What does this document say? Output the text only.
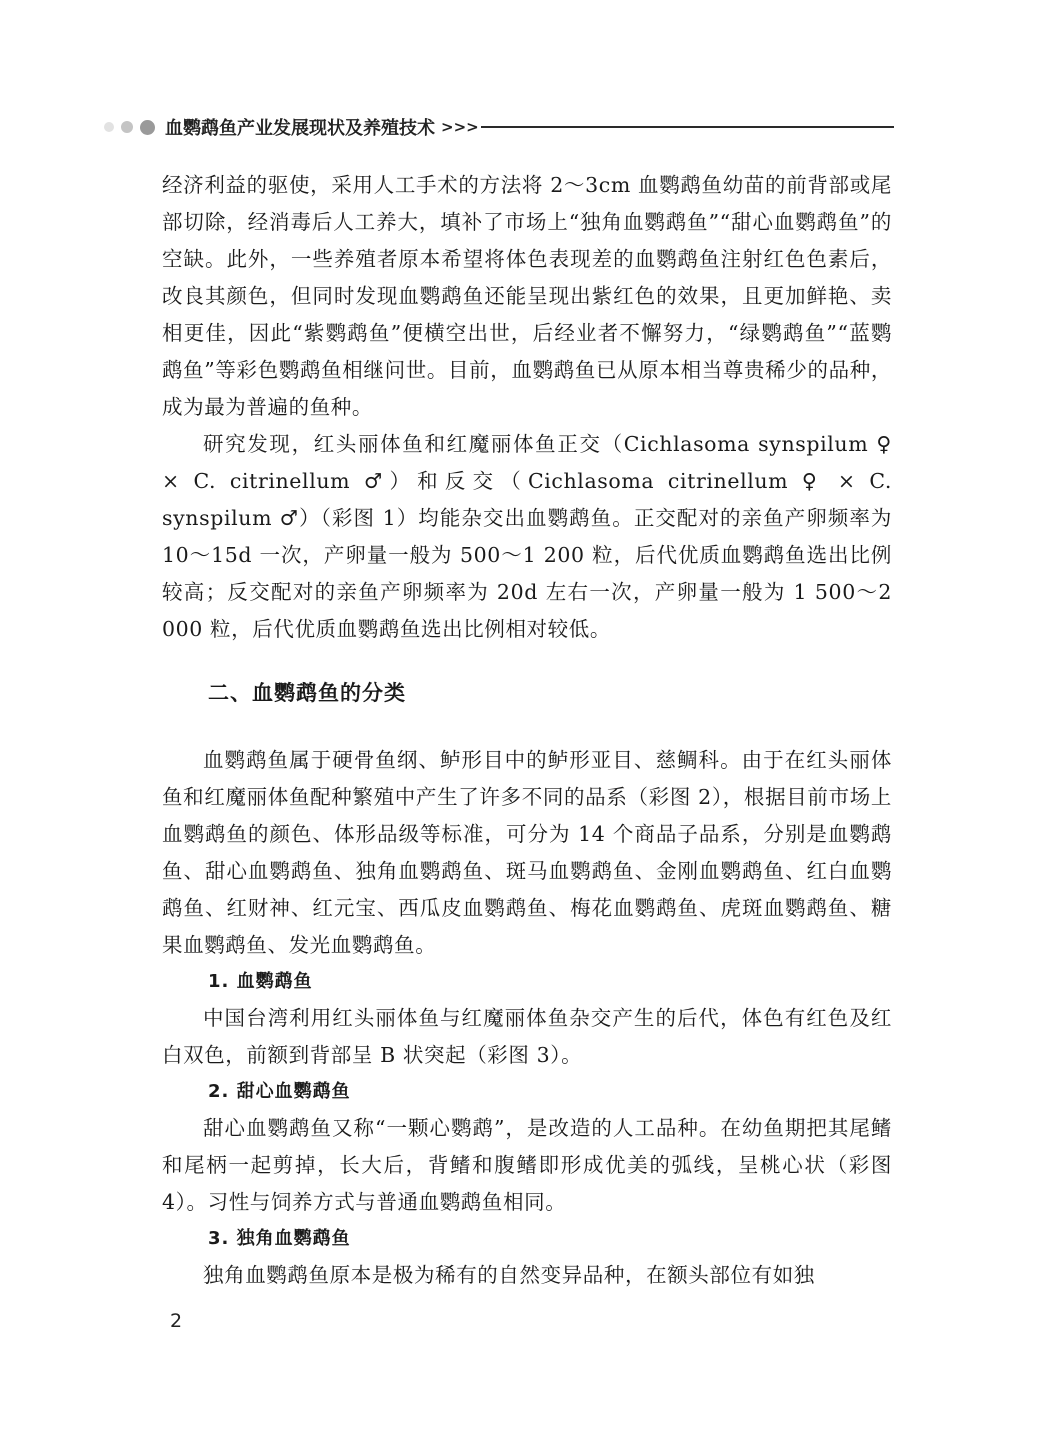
血鹦鹉鱼产业发展现状及养殖技术 >>>

经济利益的驱使，采用人工手术的方法将 2～3cm 血鹦鹉鱼幼苗的前背部或尾部切除，经消毒后人工养大，填补了市场上“独角血鹦鹉鱼”“甜心血鹦鹉鱼”的空缺。此外，一些养殖者原本希望将体色表现差的血鹦鹉鱼注射红色色素后，改良其颜色，但同时发现血鹦鹉鱼还能呈现出紫红色的效果，且更加鲜艳、卖相更佳，因此“紫鹦鹉鱼”便横空出世，后经业者不懈努力，“绿鹦鹉鱼”“蓝鹦鹉鱼”等彩色鹦鹉鱼相继问世。目前，血鹦鹉鱼已从原本相当尊贵稀少的品种，成为最为普遍的鱼种。

研究发现，红头丽体鱼和红魔丽体鱼正交（Cichlasoma synspilum ♀ × C. citrinellum ♂）和反交（Cichlasoma citrinellum ♀ × C. synspilum ♂）（彩图 1）均能杂交出血鹦鹉鱼。正交配对的亲鱼产卵频率为 10～15d 一次，产卵量一般为 500～1 200 粒，后代优质血鹦鹉鱼选出比例较高；反交配对的亲鱼产卵频率为 20d 左右一次，产卵量一般为 1 500～2 000 粒，后代优质血鹦鹉鱼选出比例相对较低。

二、血鹦鹉鱼的分类

血鹦鹉鱼属于硬骨鱼纲、鲈形目中的鲈形亚目、慈鲷科。由于在红头丽体鱼和红魔丽体鱼配种繁殖中产生了许多不同的品系（彩图 2），根据目前市场上血鹦鹉鱼的颜色、体形品级等标准，可分为 14 个商品子品系，分别是血鹦鹉鱼、甜心血鹦鹉鱼、独角血鹦鹉鱼、斑马血鹦鹉鱼、金刚血鹦鹉鱼、红白血鹦鹉鱼、红财神、红元宝、西瓜皮血鹦鹉鱼、梅花血鹦鹉鱼、虎斑血鹦鹉鱼、糖果血鹦鹉鱼、发光血鹦鹉鱼。

1. 血鹦鹉鱼

中国台湾利用红头丽体鱼与红魔丽体鱼杂交产生的后代，体色有红色及红白双色，前额到背部呈 B 状突起（彩图 3）。

2. 甜心血鹦鹉鱼

甜心血鹦鹉鱼又称“一颗心鹦鹉”，是改造的人工品种。在幼鱼期把其尾鳍和尾柄一起剪掉，长大后，背鳍和腹鳍即形成优美的弧线，呈桃心状（彩图 4）。习性与饲养方式与普通血鹦鹉鱼相同。

3. 独角血鹦鹉鱼

独角血鹦鹉鱼原本是极为稀有的自然变异品种，在额头部位有如独

2
